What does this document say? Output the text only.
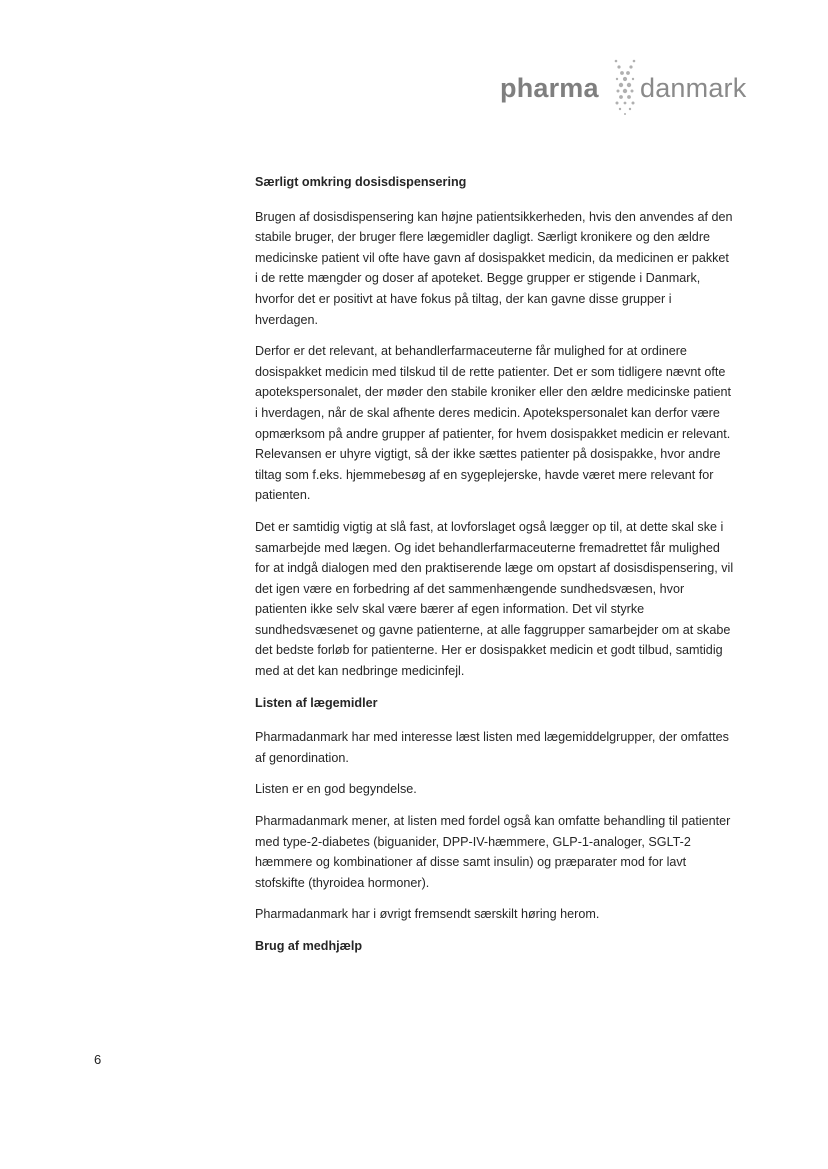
pharma danmark
Særligt omkring dosisdispensering

Brugen af dosisdispensering kan højne patientsikkerheden, hvis den anvendes af den stabile bruger, der bruger flere lægemidler dagligt. Særligt kronikere og den ældre medicinske patient vil ofte have gavn af dosispakket medicin, da medicinen er pakket i de rette mængder og doser af apoteket. Begge grupper er stigende i Danmark, hvorfor det er positivt at have fokus på tiltag, der kan gavne disse grupper i hverdagen.

Derfor er det relevant, at behandlerfarmaceuterne får mulighed for at ordinere dosispakket medicin med tilskud til de rette patienter. Det er som tidligere nævnt ofte apotekspersonalet, der møder den stabile kroniker eller den ældre medicinske patient i hverdagen, når de skal afhente deres medicin. Apotekspersonalet kan derfor være opmærksom på andre grupper af patienter, for hvem dosispakket medicin er relevant. Relevansen er uhyre vigtigt, så der ikke sættes patienter på dosispakke, hvor andre tiltag som f.eks. hjemmebesøg af en sygeplejerske, havde været mere relevant for patienten.

Det er samtidig vigtig at slå fast, at lovforslaget også lægger op til, at dette skal ske i samarbejde med lægen. Og idet behandlerfarmaceuterne fremadrettet får mulighed for at indgå dialogen med den praktiserende læge om opstart af dosisdispensering, vil det igen være en forbedring af det sammenhængende sundhedsvæsen, hvor patienten ikke selv skal være bærer af egen information. Det vil styrke sundhedsvæsenet og gavne patienterne, at alle faggrupper samarbejder om at skabe det bedste forløb for patienterne. Her er dosispakket medicin et godt tilbud, samtidig med at det kan nedbringe medicinfejl.

Listen af lægemidler

Pharmadanmark har med interesse læst listen med lægemiddelgrupper, der omfattes af genordination.

Listen er en god begyndelse.

Pharmadanmark mener, at listen med fordel også kan omfatte behandling til patienter med type-2-diabetes (biguanider, DPP-IV-hæmmere, GLP-1-analoger, SGLT-2 hæmmere og kombinationer af disse samt insulin) og præparater mod for lavt stofskifte (thyroidea hormoner).

Pharmadanmark har i øvrigt fremsendt særskilt høring herom.

Brug af medhjælp
6
